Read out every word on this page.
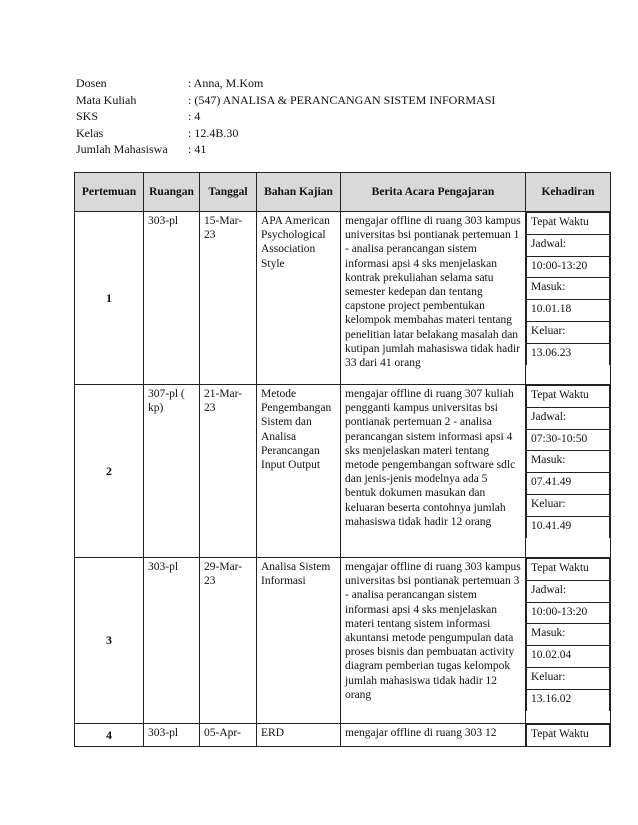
Dosen	: Anna, M.Kom
Mata Kuliah	: (547) ANALISA & PERANCANGAN SISTEM INFORMASI
SKS	: 4
Kelas	: 12.4B.30
Jumlah Mahasiswa	: 41
Pertemuan	Ruangan	Tanggal	Bahan Kajian	Berita Acara Pengajaran	Kehadiran
1	303-pl	15-Mar-23	APA American Psychological Association Style	mengajar offline di ruang 303 kampus universitas bsi pontianak pertemuan 1 - analisa perancangan sistem informasi apsi 4 sks menjelaskan kontrak prekuliahan selama satu semester kedepan dan tentang capstone project pembentukan kelompok membahas materi tentang penelitian latar belakang masalah dan kutipan jumlah mahasiswa tidak hadir 33 dari 41 orang	
Tepat Waktu
Jadwal:
10:00-13:20
Masuk:
10.01.18
Keluar:
13.06.23

2	307-pl ( kp)	21-Mar-23	Metode Pengembangan Sistem dan Analisa Perancangan Input Output	mengajar offline di ruang 307 kuliah pengganti kampus universitas bsi pontianak pertemuan 2 - analisa perancangan sistem informasi apsi 4 sks menjelaskan materi tentang metode pengembangan software sdlc dan jenis-jenis modelnya ada 5 bentuk dokumen masukan dan keluaran beserta contohnya jumlah mahasiswa tidak hadir 12 orang	
Tepat Waktu
Jadwal:
07:30-10:50
Masuk:
07.41.49
Keluar:
10.41.49

3	303-pl	29-Mar-23	Analisa Sistem Informasi	mengajar offline di ruang 303 kampus universitas bsi pontianak pertemuan 3 - analisa perancangan sistem informasi apsi 4 sks menjelaskan materi tentang sistem informasi akuntansi metode pengumpulan data proses bisnis dan pembuatan activity diagram pemberian tugas kelompok jumlah mahasiswa tidak hadir 12 orang	
Tepat Waktu
Jadwal:
10:00-13:20
Masuk:
10.02.04
Keluar:
13.16.02

4	303-pl	05-Apr-	ERD	mengajar offline di ruang 303 12		Tepat Waktu
